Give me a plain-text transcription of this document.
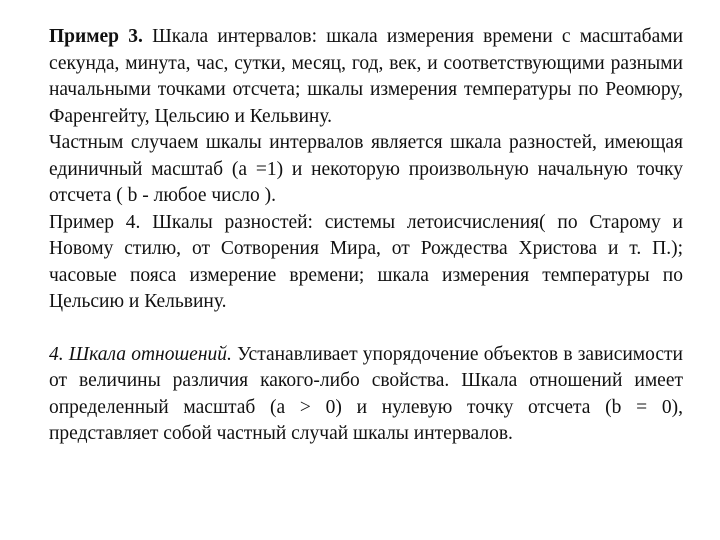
Пример 3. Шкала интервалов: шкала измерения времени с масштабами секунда, минута, час, сутки, месяц, год, век, и соответствующими разными начальными точками отсчета; шкалы измерения температуры по Реомюру, Фаренгейту, Цельсию и Кельвину.

Частным случаем шкалы интервалов является шкала разностей, имеющая единичный масштаб (а =1) и некоторую произвольную начальную точку отсчета ( b - любое число ).

Пример 4. Шкалы разностей: системы летоисчисления( по Старому и Новому стилю, от Сотворения Мира, от Рождества Христова и т. П.); часовые пояса измерение времени; шкала измерения температуры по Цельсию и Кельвину.

4. Шкала отношений. Устанавливает упорядочение объектов в зависимости от величины различия какого-либо свойства. Шкала отношений имеет определенный масштаб (а > 0) и нулевую точку отсчета (b = 0), представляет собой частный случай шкалы интервалов.
